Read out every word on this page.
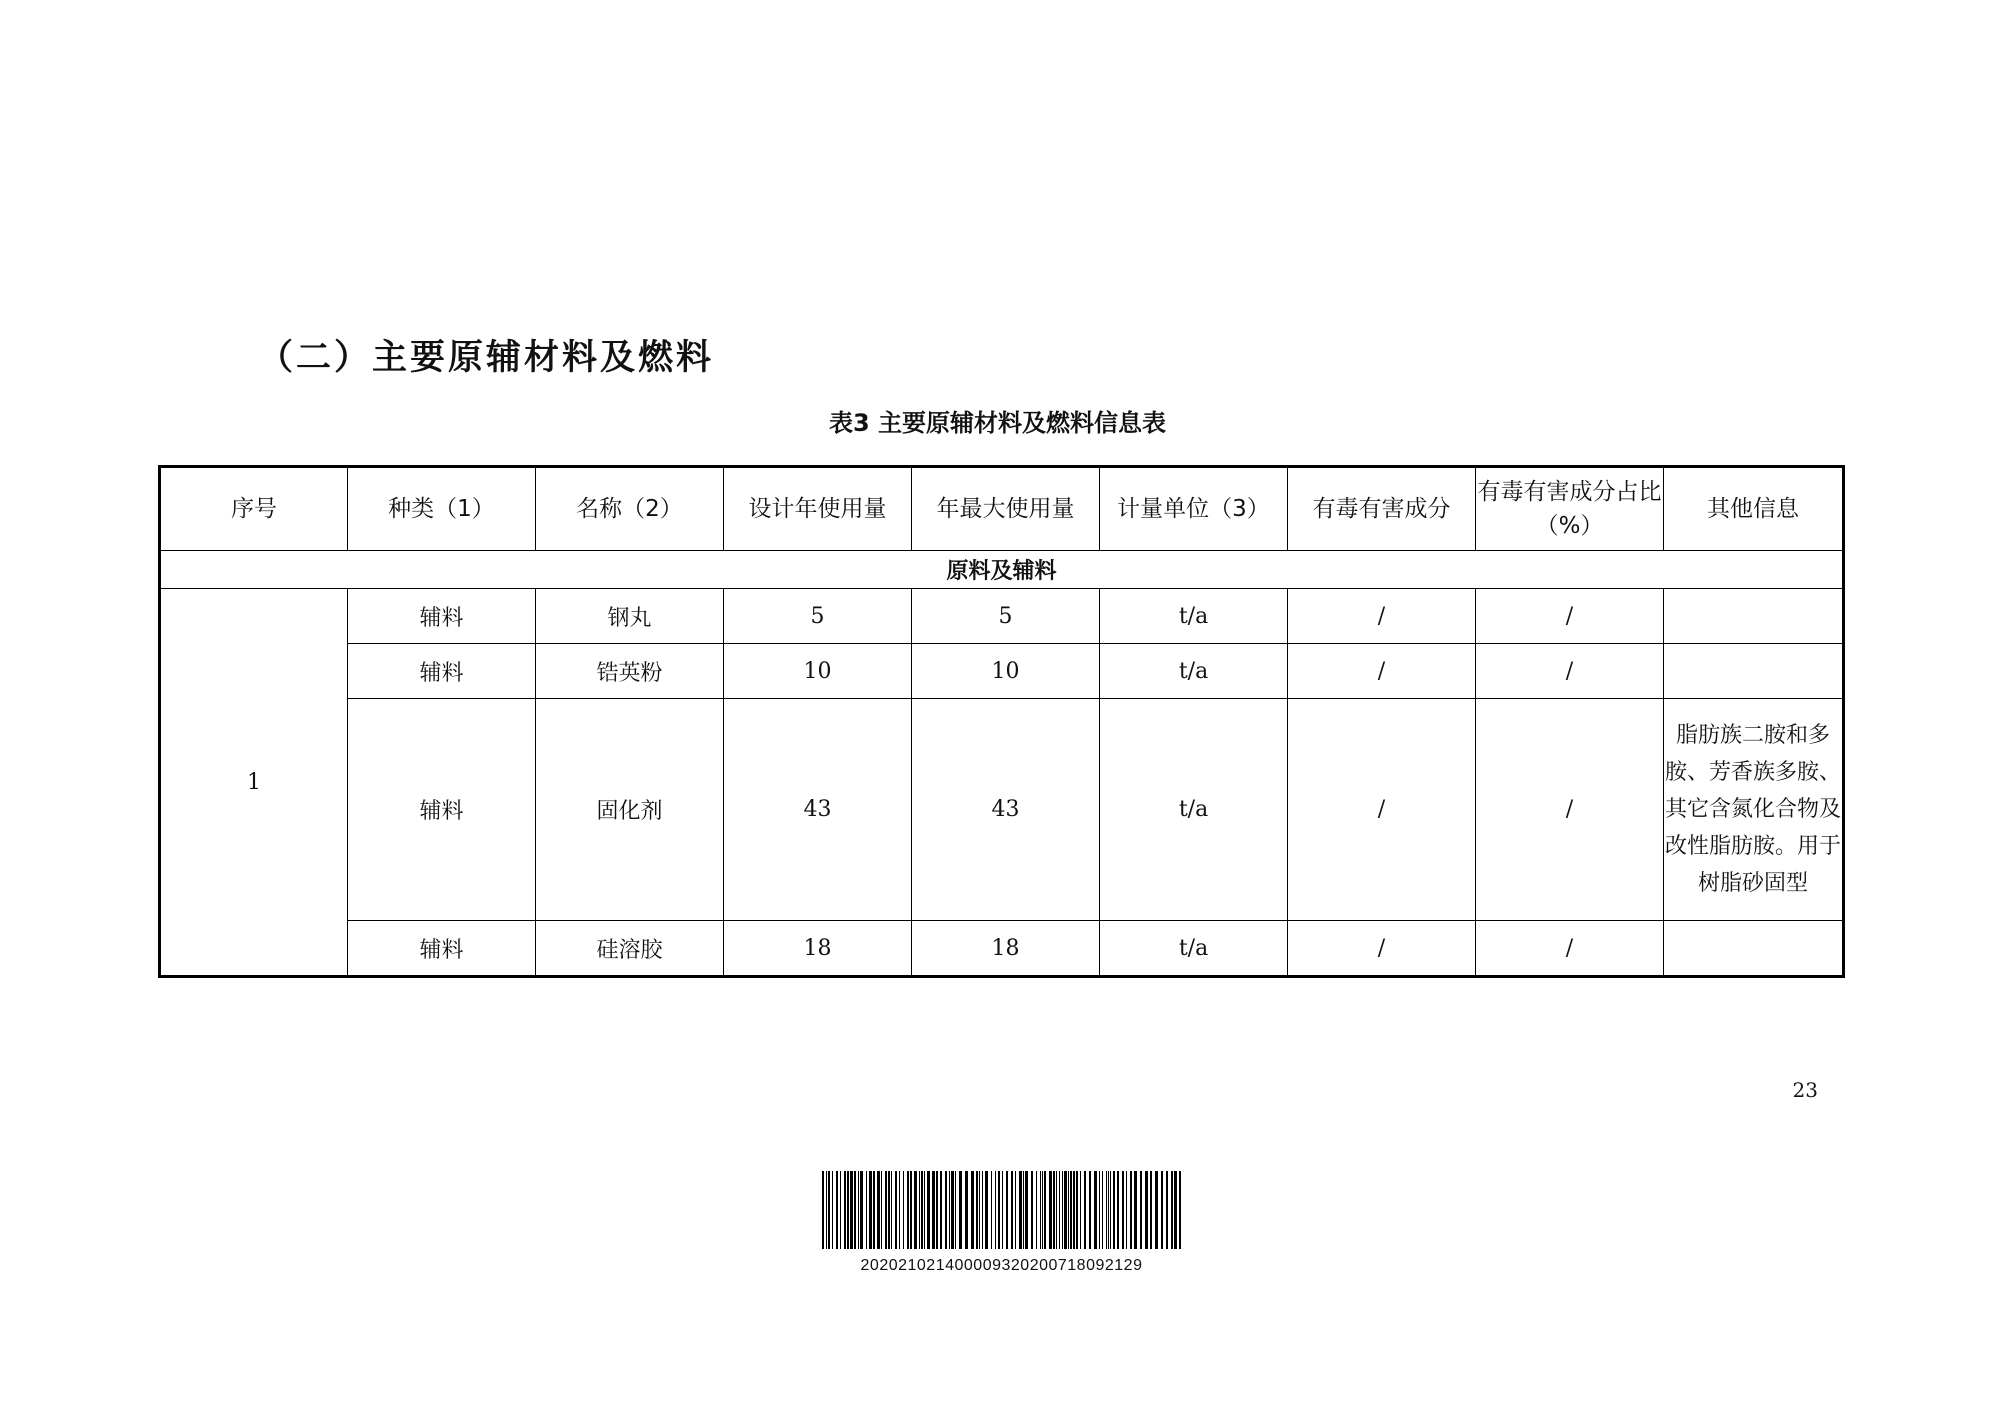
（二）主要原辅材料及燃料
表3 主要原辅材料及燃料信息表
序号	种类（1）	名称（2）	设计年使用量	年最大使用量	计量单位（3）	有毒有害成分	有毒有害成分占比（%）	其他信息
原料及辅料								
1	辅料	钢丸	5	5	t/a	/	/	
	辅料	锆英粉	10	10	t/a	/	/	
	辅料	固化剂	43	43	t/a	/	/	脂肪族二胺和多胺、芳香族多胺、其它含氮化合物及改性脂肪胺。用于树脂砂固型
	辅料	硅溶胶	18	18	t/a	/	/	
23
20202102140000932020071809212​9
